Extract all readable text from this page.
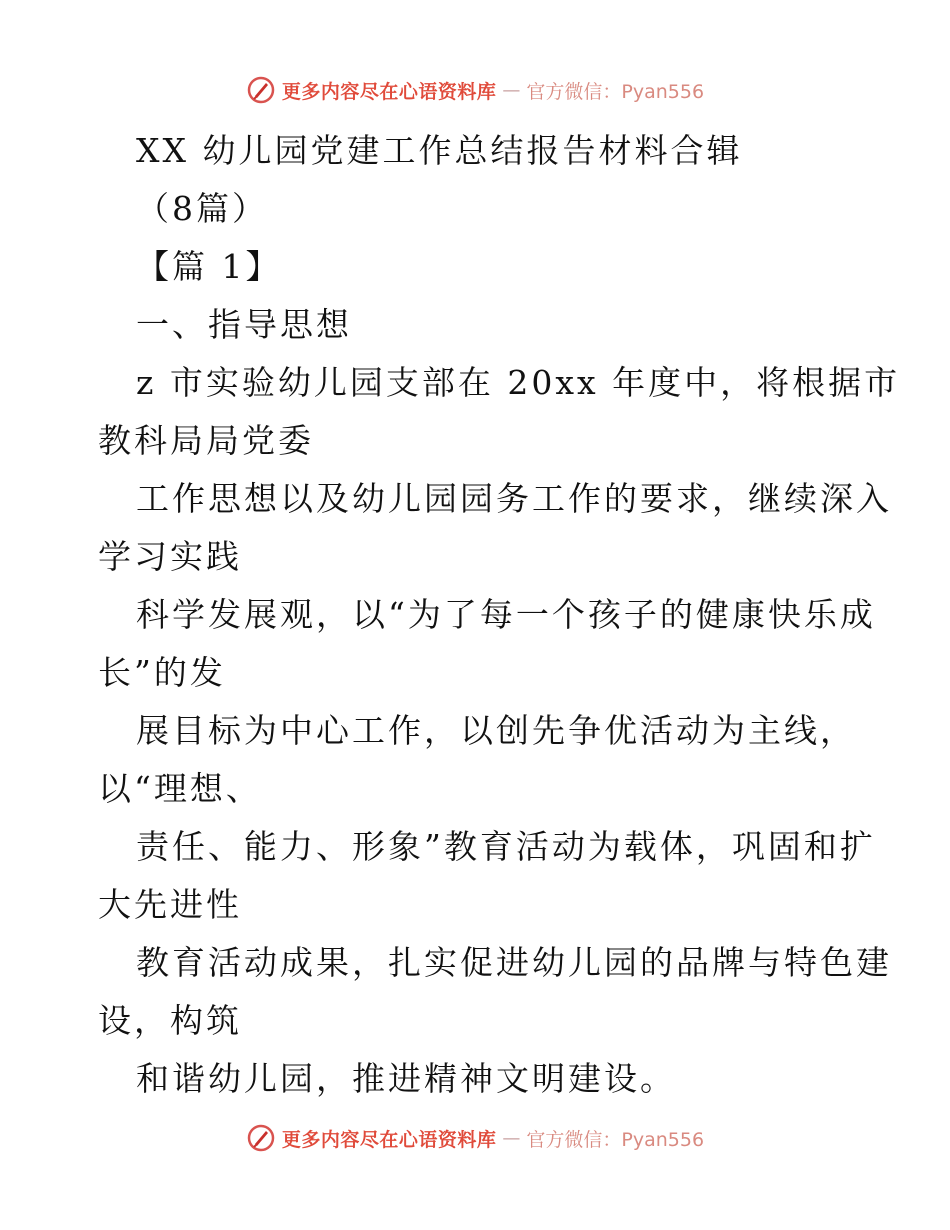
更多内容尽在心语资料库 — 官方微信：Pyan556
XX 幼儿园党建工作总结报告材料合辑
（8篇）
【篇 1】
一、指导思想
z 市实验幼儿园支部在 20xx 年度中，将根据市
教科局局党委
工作思想以及幼儿园园务工作的要求，继续深入
学习实践
科学发展观，以“为了每一个孩子的健康快乐成
长”的发
展目标为中心工作，以创先争优活动为主线，
以“理想、
责任、能力、形象”教育活动为载体，巩固和扩
大先进性
教育活动成果，扎实促进幼儿园的品牌与特色建
设，构筑
和谐幼儿园，推进精神文明建设。
更多内容尽在心语资料库 — 官方微信：Pyan556
